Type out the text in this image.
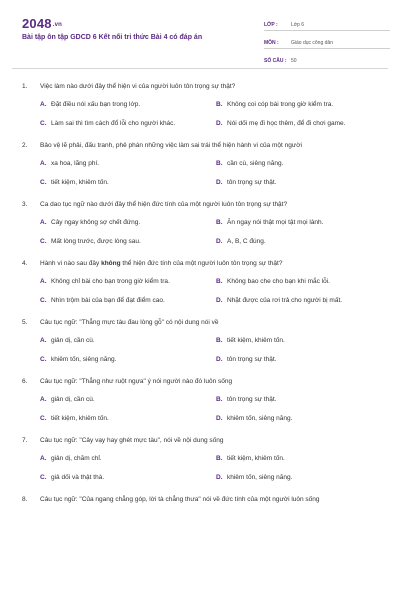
2048.vn
Bài tập ôn tập GDCD 6 Kết nối tri thức Bài 4 có đáp án
LỚP :	Lớp 6
MÔN :	Giáo dục công dân
SỐ CÂU : 50
1.	Việc làm nào dưới đây thể hiện vi của người luôn tôn trọng sự thật?
A. Đặt điều nói xấu bạn trong lớp.	B. Không coi cóp bài trong giờ kiểm tra.
C. Làm sai thì tìm cách đổ lỗi cho người khác.	D. Nói dối mẹ đi học thêm, để đi chơi game.
2.	Bảo vệ lẽ phải, đấu tranh, phê phán những việc làm sai trái thể hiện hành vi của một người
A. xa hoa, lãng phí.	B. cần cù, siêng năng.
C. tiết kiệm, khiêm tốn.	D. tôn trọng sự thật.
3.	Ca dao tục ngữ nào dưới đây thể hiện đức tính của một người luôn tôn trọng sự thật?
A. Cây ngay không sợ chết đứng.	B. Ăn ngay nói thật mọi tật mọi lành.
C. Mất lòng trước, được lòng sau.	D. A, B, C đúng.
4.	Hành vi nào sau đây không thể hiện đức tính của một người luôn tôn trọng sự thật?
A. Không chỉ bài cho bạn trong giờ kiểm tra.	B. Không bao che cho bạn khi mắc lỗi.
C. Nhìn trộm bài của bạn để đạt điểm cao.	D. Nhặt được của rơi trả cho người bị mất.
5.	Câu tục ngữ: "Thẳng mực tàu đau lòng gỗ" có nội dung nói về
A. giản dị, cần cù.	B. tiết kiệm, khiêm tốn.
C. khiêm tốn, siêng năng.	D. tôn trọng sự thật.
6.	Câu tục ngữ: "Thẳng như ruột ngựa" ý nói người nào đó luôn sống
A. giản dị, cần cù.	B. tôn trọng sự thật.
C. tiết kiệm, khiêm tốn.	D. khiêm tốn, siêng năng.
7.	Câu tục ngữ: "Cây vạy hay ghét mực tàu", nói về nội dung sống
A. giản dị, chăm chỉ.	B. tiết kiệm, khiêm tốn.
C. giả dối và thật thà.	D. khiêm tốn, siêng năng.
8.	Câu tục ngữ: "Của ngang chẳng góp, lời tà chẳng thưa" nói về đức tính của một người luôn sống
